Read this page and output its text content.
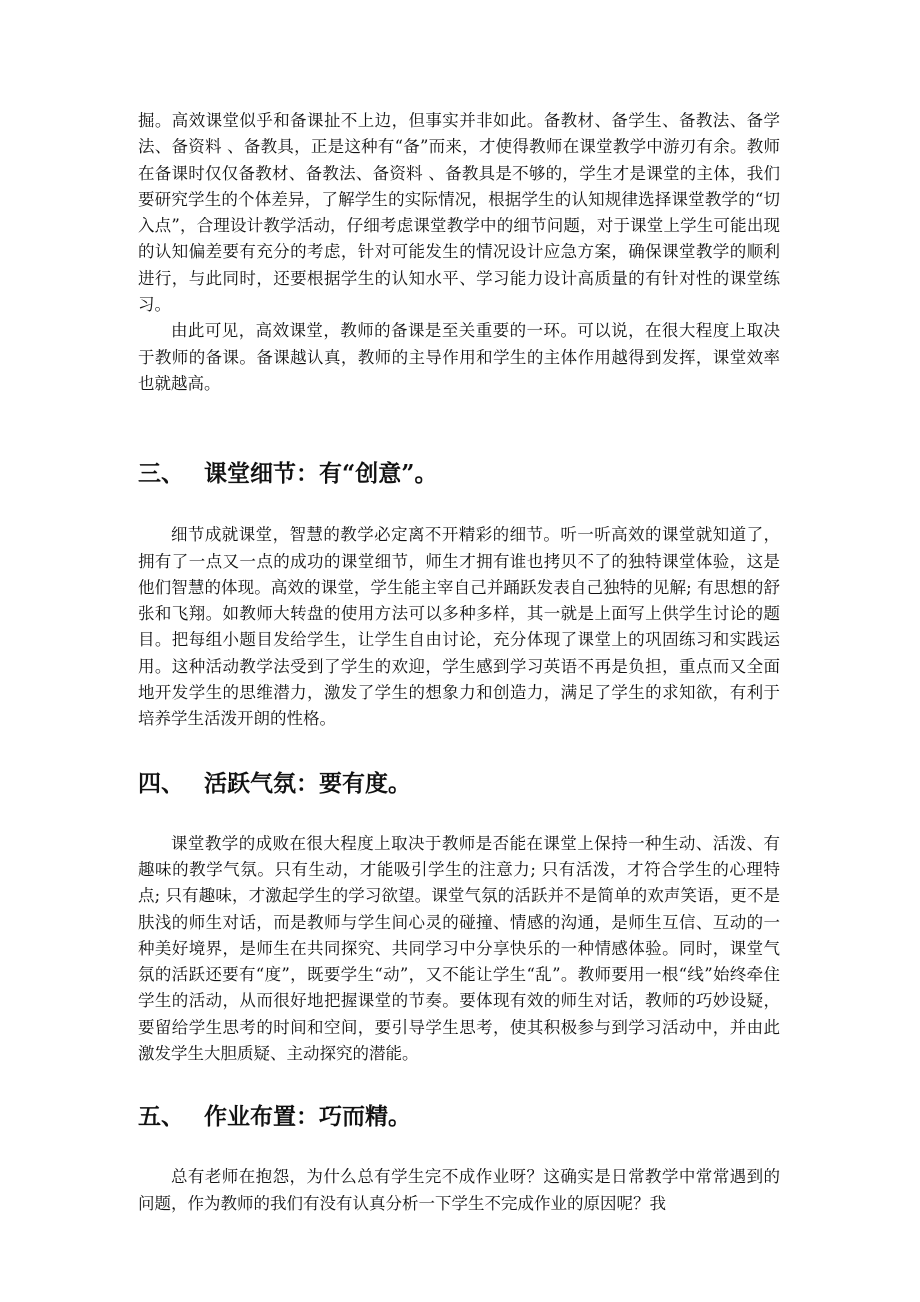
掘。高效课堂似乎和备课扯不上边，但事实并非如此。备教材、备学生、备教法、备学法、备资料 、备教具，正是这种有“备”而来，才使得教师在课堂教学中游刃有余。教师在备课时仅仅备教材、备教法、备资料 、备教具是不够的，学生才是课堂的主体，我们要研究学生的个体差异，了解学生的实际情况，根据学生的认知规律选择课堂教学的“切入点”，合理设计教学活动，仔细考虑课堂教学中的细节问题，对于课堂上学生可能出现的认知偏差要有充分的考虑，针对可能发生的情况设计应急方案，确保课堂教学的顺利进行，与此同时，还要根据学生的认知水平、学习能力设计高质量的有针对性的课堂练习。

由此可见，高效课堂，教师的备课是至关重要的一环。可以说，在很大程度上取决于教师的备课。备课越认真，教师的主导作用和学生的主体作用越得到发挥，课堂效率也就越高。

三、 课堂细节：有“创意”。

细节成就课堂，智慧的教学必定离不开精彩的细节。听一听高效的课堂就知道了，拥有了一点又一点的成功的课堂细节，师生才拥有谁也拷贝不了的独特课堂体验，这是他们智慧的体现。高效的课堂，学生能主宰自己并踊跃发表自己独特的见解; 有思想的舒张和飞翔。如教师大转盘的使用方法可以多种多样，其一就是上面写上供学生讨论的题目。把每组小题目发给学生，让学生自由讨论，充分体现了课堂上的巩固练习和实践运用。这种活动教学法受到了学生的欢迎，学生感到学习英语不再是负担，重点而又全面地开发学生的思维潜力，激发了学生的想象力和创造力，满足了学生的求知欲，有利于培养学生活泼开朗的性格。

四、 活跃气氛：要有度。

课堂教学的成败在很大程度上取决于教师是否能在课堂上保持一种生动、活泼、有趣味的教学气氛。只有生动，才能吸引学生的注意力; 只有活泼，才符合学生的心理特点; 只有趣味，才激起学生的学习欲望。课堂气氛的活跃并不是简单的欢声笑语，更不是肤浅的师生对话，而是教师与学生间心灵的碰撞、情感的沟通，是师生互信、互动的一种美好境界，是师生在共同探究、共同学习中分享快乐的一种情感体验。同时，课堂气氛的活跃还要有“度”，既要学生“动”，又不能让学生“乱”。教师要用一根“线”始终牵住学生的活动，从而很好地把握课堂的节奏。要体现有效的师生对话，教师的巧妙设疑，要留给学生思考的时间和空间，要引导学生思考，使其积极参与到学习活动中，并由此激发学生大胆质疑、主动探究的潜能。

五、 作业布置：巧而精。

总有老师在抱怨，为什么总有学生完不成作业呀？这确实是日常教学中常常遇到的问题，作为教师的我们有没有认真分析一下学生不完成作业的原因呢？我
